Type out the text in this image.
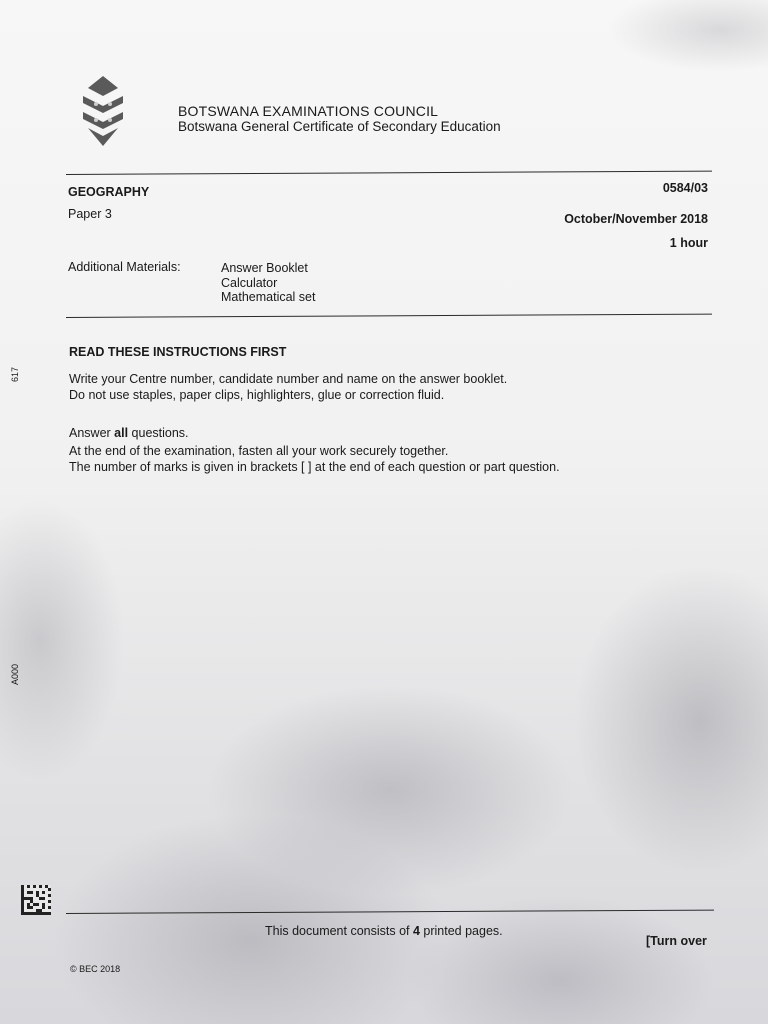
BOTSWANA EXAMINATIONS COUNCIL
Botswana General Certificate of Secondary Education
GEOGRAPHY
Paper 3
0584/03
October/November 2018
1 hour
Additional Materials:	Answer Booklet
Calculator
Mathematical set
READ THESE INSTRUCTIONS FIRST
Write your Centre number, candidate number and name on the answer booklet.
Do not use staples, paper clips, highlighters, glue or correction fluid.
Answer all questions.
At the end of the examination, fasten all your work securely together.
The number of marks is given in brackets [ ] at the end of each question or part question.
617
A000
This document consists of 4 printed pages.
[Turn over
© BEC 2018
